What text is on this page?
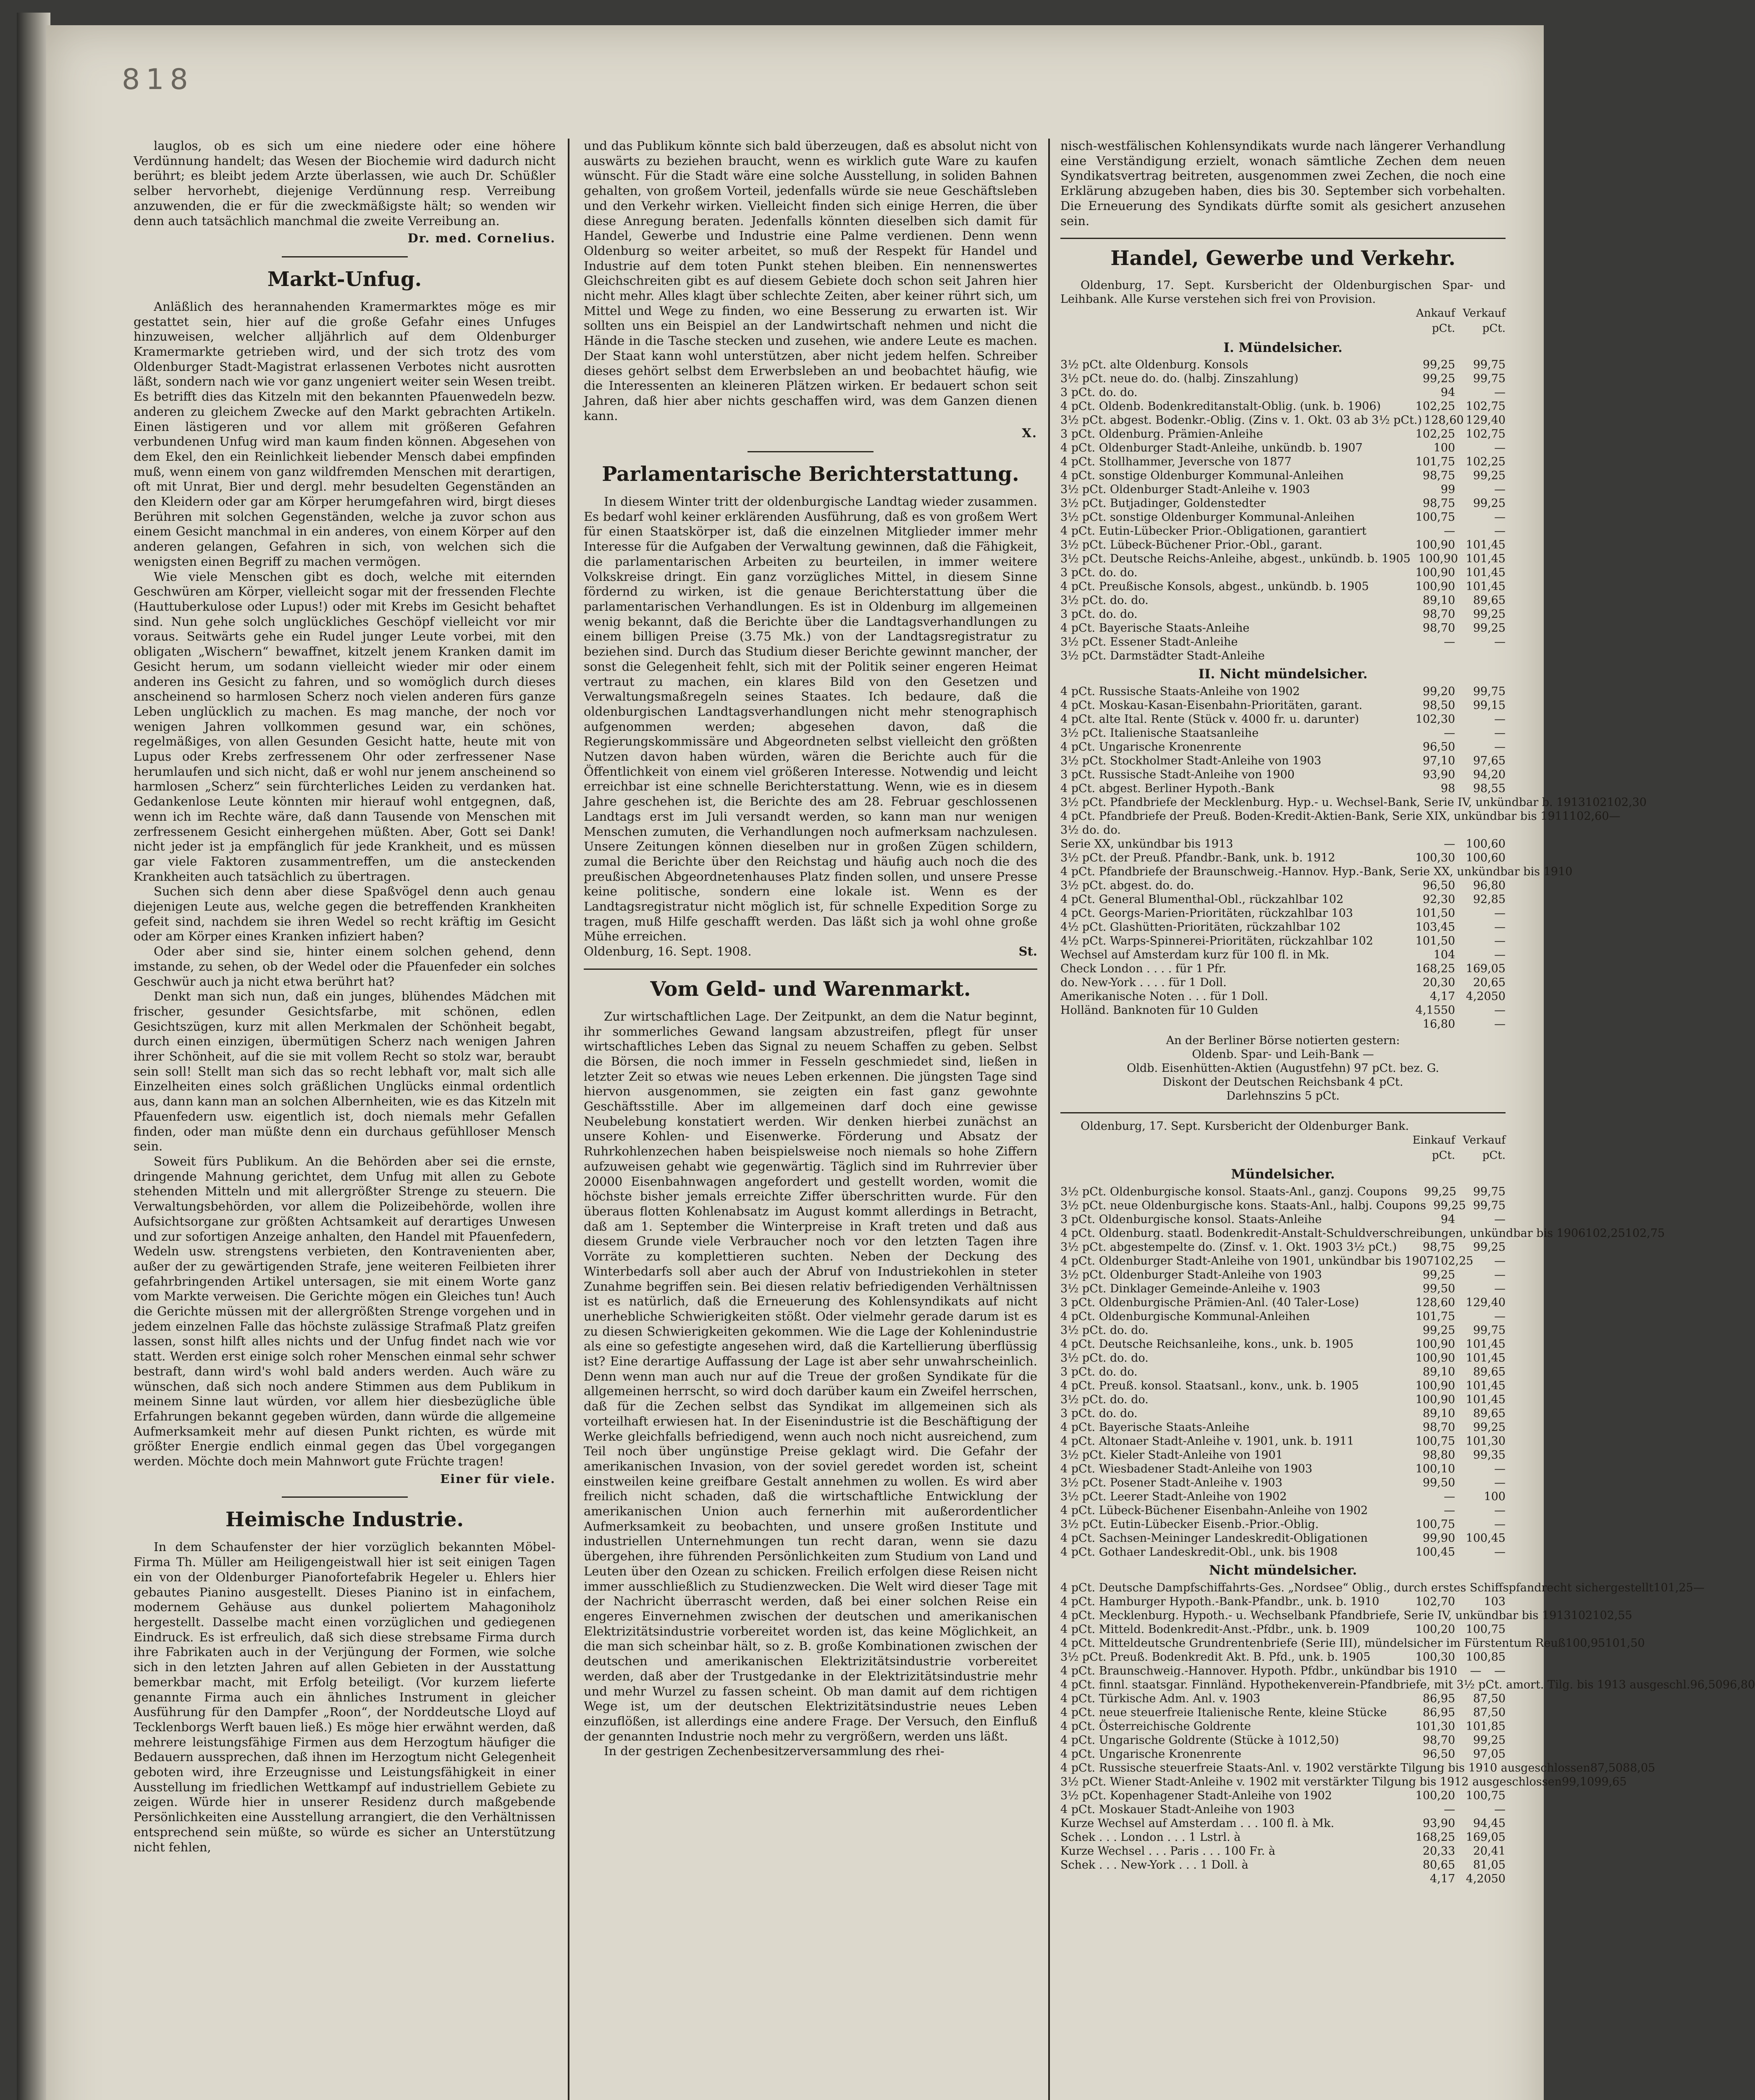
818

lauglos, ob es sich um eine niedere oder eine höhere Verdünnung handelt; das Wesen der Biochemie wird dadurch nicht berührt; es bleibt jedem Arzte überlassen, wie auch Dr. Schüßler selber hervorhebt, diejenige Verdünnung resp. Verreibung anzuwenden, die er für die zweckmäßigste hält; so wenden wir denn auch tatsächlich manchmal die zweite Verreibung an.

Dr. med. Cornelius.
Markt-Unfug.

Anläßlich des herannahenden Kramermarktes möge es mir gestattet sein, hier auf die große Gefahr eines Unfuges hinzuweisen, welcher alljährlich auf dem Oldenburger Kramermarkte getrieben wird, und der sich trotz des vom Oldenburger Stadt-Magistrat erlassenen Verbotes nicht ausrotten läßt, sondern nach wie vor ganz ungeniert weiter sein Wesen treibt. Es betrifft dies das Kitzeln mit den bekannten Pfauenwedeln bezw. anderen zu gleichem Zwecke auf den Markt gebrachten Artikeln. Einen lästigeren und vor allem mit größeren Gefahren verbundenen Unfug wird man kaum finden können. Abgesehen von dem Ekel, den ein Reinlichkeit liebender Mensch dabei empfinden muß, wenn einem von ganz wildfremden Menschen mit derartigen, oft mit Unrat, Bier und dergl. mehr besudelten Gegenständen an den Kleidern oder gar am Körper herumgefahren wird, birgt dieses Berühren mit solchen Gegenständen, welche ja zuvor schon aus einem Gesicht manchmal in ein anderes, von einem Körper auf den anderen gelangen, Gefahren in sich, von welchen sich die wenigsten einen Begriff zu machen vermögen.

Wie viele Menschen gibt es doch, welche mit eiternden Geschwüren am Körper, vielleicht sogar mit der fressenden Flechte (Hauttuberkulose oder Lupus!) oder mit Krebs im Gesicht behaftet sind. Nun gehe solch unglückliches Geschöpf vielleicht vor mir voraus. Seitwärts gehe ein Rudel junger Leute vorbei, mit den obligaten „Wischern“ bewaffnet, kitzelt jenem Kranken damit im Gesicht herum, um sodann vielleicht wieder mir oder einem anderen ins Gesicht zu fahren, und so womöglich durch dieses anscheinend so harmlosen Scherz noch vielen anderen fürs ganze Leben unglücklich zu machen. Es mag manche, der noch vor wenigen Jahren vollkommen gesund war, ein schönes, regelmäßiges, von allen Gesunden Gesicht hatte, heute mit von Lupus oder Krebs zerfressenem Ohr oder zerfressener Nase herumlaufen und sich nicht, daß er wohl nur jenem anscheinend so harmlosen „Scherz“ sein fürchterliches Leiden zu verdanken hat. Gedankenlose Leute könnten mir hierauf wohl entgegnen, daß, wenn ich im Rechte wäre, daß dann Tausende von Menschen mit zerfressenem Gesicht einhergehen müßten. Aber, Gott sei Dank! nicht jeder ist ja empfänglich für jede Krankheit, und es müssen gar viele Faktoren zusammentreffen, um die ansteckenden Krankheiten auch tatsächlich zu übertragen.

Suchen sich denn aber diese Spaßvögel denn auch genau diejenigen Leute aus, welche gegen die betreffenden Krankheiten gefeit sind, nachdem sie ihren Wedel so recht kräftig im Gesicht oder am Körper eines Kranken infiziert haben?

Oder aber sind sie, hinter einem solchen gehend, denn imstande, zu sehen, ob der Wedel oder die Pfauenfeder ein solches Geschwür auch ja nicht etwa berührt hat?

Denkt man sich nun, daß ein junges, blühendes Mädchen mit frischer, gesunder Gesichtsfarbe, mit schönen, edlen Gesichtszügen, kurz mit allen Merkmalen der Schönheit begabt, durch einen einzigen, übermütigen Scherz nach wenigen Jahren ihrer Schönheit, auf die sie mit vollem Recht so stolz war, beraubt sein soll! Stellt man sich das so recht lebhaft vor, malt sich alle Einzelheiten eines solch gräßlichen Unglücks einmal ordentlich aus, dann kann man an solchen Albernheiten, wie es das Kitzeln mit Pfauenfedern usw. eigentlich ist, doch niemals mehr Gefallen finden, oder man müßte denn ein durchaus gefühlloser Mensch sein.

Soweit fürs Publikum. An die Behörden aber sei die ernste, dringende Mahnung gerichtet, dem Unfug mit allen zu Gebote stehenden Mitteln und mit allergrößter Strenge zu steuern. Die Verwaltungsbehörden, vor allem die Polizeibehörde, wollen ihre Aufsichtsorgane zur größten Achtsamkeit auf derartiges Unwesen und zur sofortigen Anzeige anhalten, den Handel mit Pfauenfedern, Wedeln usw. strengstens verbieten, den Kontravenienten aber, außer der zu gewärtigenden Strafe, jene weiteren Feilbieten ihrer gefahrbringenden Artikel untersagen, sie mit einem Worte ganz vom Markte verweisen. Die Gerichte mögen ein Gleiches tun! Auch die Gerichte müssen mit der allergrößten Strenge vorgehen und in jedem einzelnen Falle das höchste zulässige Strafmaß Platz greifen lassen, sonst hilft alles nichts und der Unfug findet nach wie vor statt. Werden erst einige solch roher Menschen einmal sehr schwer bestraft, dann wird's wohl bald anders werden. Auch wäre zu wünschen, daß sich noch andere Stimmen aus dem Publikum in meinem Sinne laut würden, vor allem hier diesbezügliche üble Erfahrungen bekannt gegeben würden, dann würde die allgemeine Aufmerksamkeit mehr auf diesen Punkt richten, es würde mit größter Energie endlich einmal gegen das Übel vorgegangen werden. Möchte doch mein Mahnwort gute Früchte tragen!

Einer für viele.
Heimische Industrie.

In dem Schaufenster der hier vorzüglich bekannten Möbel-Firma Th. Müller am Heiligengeistwall hier ist seit einigen Tagen ein von der Oldenburger Pianofortefabrik Hegeler u. Ehlers hier gebautes Pianino ausgestellt. Dieses Pianino ist in einfachem, modernem Gehäuse aus dunkel poliertem Mahagoniholz hergestellt. Dasselbe macht einen vorzüglichen und gediegenen Eindruck. Es ist erfreulich, daß sich diese strebsame Firma durch ihre Fabrikaten auch in der Verjüngung der Formen, wie solche sich in den letzten Jahren auf allen Gebieten in der Ausstattung bemerkbar macht, mit Erfolg beteiligt. (Vor kurzem lieferte genannte Firma auch ein ähnliches Instrument in gleicher Ausführung für den Dampfer „Roon“, der Norddeutsche Lloyd auf Tecklenborgs Werft bauen ließ.) Es möge hier erwähnt werden, daß mehrere leistungsfähige Firmen aus dem Herzogtum häufiger die Bedauern aussprechen, daß ihnen im Herzogtum nicht Gelegenheit geboten wird, ihre Erzeugnisse und Leistungsfähigkeit in einer Ausstellung im friedlichen Wettkampf auf industriellem Gebiete zu zeigen. Würde hier in unserer Residenz durch maßgebende Persönlichkeiten eine Ausstellung arrangiert, die den Verhältnissen entsprechend sein müßte, so würde es sicher an Unterstützung nicht fehlen,

und das Publikum könnte sich bald überzeugen, daß es absolut nicht von auswärts zu beziehen braucht, wenn es wirklich gute Ware zu kaufen wünscht. Für die Stadt wäre eine solche Ausstellung, in soliden Bahnen gehalten, von großem Vorteil, jedenfalls würde sie neue Geschäftsleben und den Verkehr wirken. Vielleicht finden sich einige Herren, die über diese Anregung beraten. Jedenfalls könnten dieselben sich damit für Handel, Gewerbe und Industrie eine Palme verdienen. Denn wenn Oldenburg so weiter arbeitet, so muß der Respekt für Handel und Industrie auf dem toten Punkt stehen bleiben. Ein nennenswertes Gleichschreiten gibt es auf diesem Gebiete doch schon seit Jahren hier nicht mehr. Alles klagt über schlechte Zeiten, aber keiner rührt sich, um Mittel und Wege zu finden, wo eine Besserung zu erwarten ist. Wir sollten uns ein Beispiel an der Landwirtschaft nehmen und nicht die Hände in die Tasche stecken und zusehen, wie andere Leute es machen. Der Staat kann wohl unterstützen, aber nicht jedem helfen. Schreiber dieses gehört selbst dem Erwerbsleben an und beobachtet häufig, wie die Interessenten an kleineren Plätzen wirken. Er bedauert schon seit Jahren, daß hier aber nichts geschaffen wird, was dem Ganzen dienen kann.

X.
Parlamentarische Berichterstattung.

In diesem Winter tritt der oldenburgische Landtag wieder zusammen. Es bedarf wohl keiner erklärenden Ausführung, daß es von großem Wert für einen Staatskörper ist, daß die einzelnen Mitglieder immer mehr Interesse für die Aufgaben der Verwaltung gewinnen, daß die Fähigkeit, die parlamentarischen Arbeiten zu beurteilen, in immer weitere Volkskreise dringt. Ein ganz vorzügliches Mittel, in diesem Sinne fördernd zu wirken, ist die genaue Berichterstattung über die parlamentarischen Verhandlungen. Es ist in Oldenburg im allgemeinen wenig bekannt, daß die Berichte über die Landtagsverhandlungen zu einem billigen Preise (3.75 Mk.) von der Landtagsregistratur zu beziehen sind. Durch das Studium dieser Berichte gewinnt mancher, der sonst die Gelegenheit fehlt, sich mit der Politik seiner engeren Heimat vertraut zu machen, ein klares Bild von den Gesetzen und Verwaltungsmaßregeln seines Staates. Ich bedaure, daß die oldenburgischen Landtagsverhandlungen nicht mehr stenographisch aufgenommen werden; abgesehen davon, daß die Regierungskommissäre und Abgeordneten selbst vielleicht den größten Nutzen davon haben würden, wären die Berichte auch für die Öffentlichkeit von einem viel größeren Interesse. Notwendig und leicht erreichbar ist eine schnelle Berichterstattung. Wenn, wie es in diesem Jahre geschehen ist, die Berichte des am 28. Februar geschlossenen Landtags erst im Juli versandt werden, so kann man nur wenigen Menschen zumuten, die Verhandlungen noch aufmerksam nachzulesen. Unsere Zeitungen können dieselben nur in großen Zügen schildern, zumal die Berichte über den Reichstag und häufig auch noch die des preußischen Abgeordnetenhauses Platz finden sollen, und unsere Presse keine politische, sondern eine lokale ist. Wenn es der Landtagsregistratur nicht möglich ist, für schnelle Expedition Sorge zu tragen, muß Hilfe geschafft werden. Das läßt sich ja wohl ohne große Mühe erreichen.

Oldenburg, 16. Sept. 1908.	St.
Vom Geld- und Warenmarkt.

Zur wirtschaftlichen Lage. Der Zeitpunkt, an dem die Natur beginnt, ihr sommerliches Gewand langsam abzustreifen, pflegt für unser wirtschaftliches Leben das Signal zu neuem Schaffen zu geben. Selbst die Börsen, die noch immer in Fesseln geschmiedet sind, ließen in letzter Zeit so etwas wie neues Leben erkennen. Die jüngsten Tage sind hiervon ausgenommen, sie zeigten ein fast ganz gewohnte Geschäftsstille. Aber im allgemeinen darf doch eine gewisse Neubelebung konstatiert werden. Wir denken hierbei zunächst an unsere Kohlen- und Eisenwerke. Förderung und Absatz der Ruhrkohlenzechen haben beispielsweise noch niemals so hohe Ziffern aufzuweisen gehabt wie gegenwärtig. Täglich sind im Ruhrrevier über 20000 Eisenbahnwagen angefordert und gestellt worden, womit die höchste bisher jemals erreichte Ziffer überschritten wurde. Für den überaus flotten Kohlenabsatz im August kommt allerdings in Betracht, daß am 1. September die Winterpreise in Kraft treten und daß aus diesem Grunde viele Verbraucher noch vor den letzten Tagen ihre Vorräte zu komplettieren suchten. Neben der Deckung des Winterbedarfs soll aber auch der Abruf von Industriekohlen in steter Zunahme begriffen sein. Bei diesen relativ befriedigenden Verhältnissen ist es natürlich, daß die Erneuerung des Kohlensyndikats auf nicht unerhebliche Schwierigkeiten stößt. Oder vielmehr gerade darum ist es zu diesen Schwierigkeiten gekommen. Wie die Lage der Kohlenindustrie als eine so gefestigte angesehen wird, daß die Kartellierung überflüssig ist? Eine derartige Auffassung der Lage ist aber sehr unwahrscheinlich. Denn wenn man auch nur auf die Treue der großen Syndikate für die allgemeinen herrscht, so wird doch darüber kaum ein Zweifel herrschen, daß für die Zechen selbst das Syndikat im allgemeinen sich als vorteilhaft erwiesen hat. In der Eisenindustrie ist die Beschäftigung der Werke gleichfalls befriedigend, wenn auch noch nicht ausreichend, zum Teil noch über ungünstige Preise geklagt wird. Die Gefahr der amerikanischen Invasion, von der soviel geredet worden ist, scheint einstweilen keine greifbare Gestalt annehmen zu wollen. Es wird aber freilich nicht schaden, daß die wirtschaftliche Entwicklung der amerikanischen Union auch fernerhin mit außerordentlicher Aufmerksamkeit zu beobachten, und unsere großen Institute und industriellen Unternehmungen tun recht daran, wenn sie dazu übergehen, ihre führenden Persönlichkeiten zum Studium von Land und Leuten über den Ozean zu schicken. Freilich erfolgen diese Reisen nicht immer ausschließlich zu Studienzwecken. Die Welt wird dieser Tage mit der Nachricht überrascht werden, daß bei einer solchen Reise ein engeres Einvernehmen zwischen der deutschen und amerikanischen Elektrizitätsindustrie vorbereitet worden ist, das keine Möglichkeit, an die man sich scheinbar hält, so z. B. große Kombinationen zwischen der deutschen und amerikanischen Elektrizitätsindustrie vorbereitet werden, daß aber der Trustgedanke in der Elektrizitätsindustrie mehr und mehr Wurzel zu fassen scheint. Ob man damit auf dem richtigen Wege ist, um der deutschen Elektrizitätsindustrie neues Leben einzuflößen, ist allerdings eine andere Frage. Der Versuch, den Einfluß der genannten Industrie noch mehr zu vergrößern, werden uns läßt.

In der gestrigen Zechenbesitzerversammlung des rhei-

nisch-westfälischen Kohlensyndikats wurde nach längerer Verhandlung eine Verständigung erzielt, wonach sämtliche Zechen dem neuen Syndikatsvertrag beitreten, ausgenommen zwei Zechen, die noch eine Erklärung abzugeben haben, dies bis 30. September sich vorbehalten. Die Erneuerung des Syndikats dürfte somit als gesichert anzusehen sein.

Handel, Gewerbe und Verkehr.

Oldenburg, 17. Sept. Kursbericht der Oldenburgischen Spar- und Leihbank. Alle Kurse verstehen sich frei von Provision.

Ankauf Verkauf
pCt.	pCt.
I. Mündelsicher.
3½ pCt. alte Oldenburg. Konsols	99,25	99,75
3½ pCt. neue do. do. (halbj. Zinszahlung)	99,25	99,75
3 pCt. do. do.	94	—
4 pCt. Oldenb. Bodenkreditanstalt-Oblig. (unk. b. 1906)	102,25 102,75
3½ pCt. abgest. Bodenkr.-Oblig. (Zins v. 1. Okt. 03 ab 3½ pCt.) 128,60 129,40
3 pCt. Oldenburg. Prämien-Anleihe	102,25 102,75
4 pCt. Oldenburger Stadt-Anleihe, unkündb. b. 1907	100	—
4 pCt. Stollhammer, Jeversche von 1877	101,75 102,25
4 pCt. sonstige Oldenburger Kommunal-Anleihen	98,75	99,25
3½ pCt. Oldenburger Stadt-Anleihe v. 1903	99	—
3½ pCt. Butjadinger, Goldenstedter	98,75	99,25
3½ pCt. sonstige Oldenburger Kommunal-Anleihen	100,75	—
4 pCt. Eutin-Lübecker Prior.-Obligationen, garantiert	—	—
3½ pCt. Lübeck-Büchener Prior.-Obl., garant.	100,90 101,45
3½ pCt. Deutsche Reichs-Anleihe, abgest., unkündb. b. 1905 100,90 101,45
3 pCt. do. do.	100,90 101,45
4 pCt. Preußische Konsols, abgest., unkündb. b. 1905	100,90 101,45
3½ pCt. do. do.	89,10	89,65
3 pCt. do. do.	98,70	99,25
4 pCt. Bayerische Staats-Anleihe	98,70	99,25
3½ pCt. Essener Stadt-Anleihe	—	—
3½ pCt. Darmstädter Stadt-Anleihe
II. Nicht mündelsicher.
4 pCt. Russische Staats-Anleihe von 1902	99,20	99,75
4 pCt. Moskau-Kasan-Eisenbahn-Prioritäten, garant.	98,50	99,15
4 pCt. alte Ital. Rente (Stück v. 4000 fr. u. darunter)	102,30	—
3½ pCt. Italienische Staatsanleihe	—	—
4 pCt. Ungarische Kronenrente	96,50	—
3½ pCt. Stockholmer Stadt-Anleihe von 1903	97,10	97,65
3 pCt. Russische Stadt-Anleihe von 1900	93,90	94,20
4 pCt. abgest. Berliner Hypoth.-Bank	98	98,55
3½ pCt. Pfandbriefe der Mecklenburg. Hyp.- u. Wechsel-Bank, Serie IV, unkündbar b. 1913 102 102,30
4 pCt. Pfandbriefe der Preuß. Boden-Kredit-Aktien-Bank, Serie XIX, unkündbar bis 1911 102,60 —
3½ do. do.
Serie XX, unkündbar bis 1913	— 100,60
3½ pCt. der Preuß. Pfandbr.-Bank, unk. b. 1912	100,30 100,60
4 pCt. Pfandbriefe der Braunschweig.-Hannov. Hyp.-Bank, Serie XX, unkündbar bis 1910
3½ pCt. abgest. do. do.	96,50	96,80
4 pCt. General Blumenthal-Obl., rückzahlbar 102	92,30	92,85
4 pCt. Georgs-Marien-Prioritäten, rückzahlbar 103	101,50	—
4½ pCt. Glashütten-Prioritäten, rückzahlbar 102	103,45	—
4½ pCt. Warps-Spinnerei-Prioritäten, rückzahlbar 102	101,50	—
Wechsel auf Amsterdam kurz für 100 fl. in Mk.	104	—
Check London . . . . für 1 Pfr.	168,25 169,05
do. New-York . . . . für 1 Doll.	20,30	20,65
Amerikanische Noten . . . für 1 Doll.	4,17 4,2050
Holländ. Banknoten für 10 Gulden	4,1550	—
16,80	—
An der Berliner Börse notierten gestern:
Oldenb. Spar- und Leih-Bank —
Oldb. Eisenhütten-Aktien (Augustfehn) 97 pCt. bez. G.
Diskont der Deutschen Reichsbank 4 pCt.
Darlehnszins 5 pCt.

Oldenburg, 17. Sept. Kursbericht der Oldenburger Bank.

Einkauf Verkauf
pCt.	pCt.
Mündelsicher.
3½ pCt. Oldenburgische konsol. Staats-Anl., ganzj. Coupons	99,25	99,75
3½ pCt. neue Oldenburgische kons. Staats-Anl., halbj. Coupons 99,25 99,75
3 pCt. Oldenburgische konsol. Staats-Anleihe	94	—
4 pCt. Oldenburg. staatl. Bodenkredit-Anstalt-Schuldverschreibungen, unkündbar bis 1906 102,25 102,75
3½ pCt. abgestempelte do. (Zinsf. v. 1. Okt. 1903 3½ pCt.)	98,75	99,25
4 pCt. Oldenburger Stadt-Anleihe von 1901, unkündbar bis 1907 102,25	—
3½ pCt. Oldenburger Stadt-Anleihe von 1903	99,25	—
3½ pCt. Dinklager Gemeinde-Anleihe v. 1903	99,50	—
3 pCt. Oldenburgische Prämien-Anl. (40 Taler-Lose)	128,60 129,40
4 pCt. Oldenburgische Kommunal-Anleihen	101,75	—
3½ pCt. do. do.	99,25	99,75
4 pCt. Deutsche Reichsanleihe, kons., unk. b. 1905	100,90 101,45
3½ pCt. do. do.	100,90 101,45
3 pCt. do. do.	89,10	89,65
4 pCt. Preuß. konsol. Staatsanl., konv., unk. b. 1905	100,90 101,45
3½ pCt. do. do.	100,90 101,45
3 pCt. do. do.	89,10	89,65
4 pCt. Bayerische Staats-Anleihe	98,70	99,25
4 pCt. Altonaer Stadt-Anleihe v. 1901, unk. b. 1911	100,75 101,30
3½ pCt. Kieler Stadt-Anleihe von 1901	98,80	99,35
4 pCt. Wiesbadener Stadt-Anleihe von 1903	100,10	—
3½ pCt. Posener Stadt-Anleihe v. 1903	99,50	—
3½ pCt. Leerer Stadt-Anleihe von 1902	—	100
4 pCt. Lübeck-Büchener Eisenbahn-Anleihe von 1902	—	—
3½ pCt. Eutin-Lübecker Eisenb.-Prior.-Oblig.	100,75	—
4 pCt. Sachsen-Meininger Landeskredit-Obligationen	99,90 100,45
4 pCt. Gothaer Landeskredit-Obl., unk. bis 1908	100,45	—
Nicht mündelsicher.
4 pCt. Deutsche Dampfschiffahrts-Ges. „Nordsee“ Oblig., durch erstes Schiffspfandrecht sichergestellt 101,25 —
4 pCt. Hamburger Hypoth.-Bank-Pfandbr., unk. b. 1910	102,70	103
4 pCt. Mecklenburg. Hypoth.- u. Wechselbank Pfandbriefe, Serie IV, unkündbar bis 1913 102 102,55
4 pCt. Mitteld. Bodenkredit-Anst.-Pfdbr., unk. b. 1909	100,20 100,75
4 pCt. Mitteldeutsche Grundrentenbriefe (Serie III), mündelsicher im Fürstentum Reuß 100,95 101,50
3½ pCt. Preuß. Bodenkredit Akt. B. Pfd., unk. b. 1905	100,30 100,85
4 pCt. Braunschweig.-Hannover. Hypoth. Pfdbr., unkündbar bis 1910	—	—
4 pCt. finnl. staatsgar. Finnländ. Hypothekenverein-Pfandbriefe, mit 3½ pCt. amort. Tilg. bis 1913 ausgeschl. 96,50 96,80
4 pCt. Türkische Adm. Anl. v. 1903	86,95	87,50
4 pCt. neue steuerfreie Italienische Rente, kleine Stücke	86,95	87,50
4 pCt. Österreichische Goldrente	101,30 101,85
4 pCt. Ungarische Goldrente (Stücke à 1012,50)	98,70	99,25
4 pCt. Ungarische Kronenrente	96,50	97,05
4 pCt. Russische steuerfreie Staats-Anl. v. 1902 verstärkte Tilgung bis 1910 ausgeschlossen 87,50 88,05
3½ pCt. Wiener Stadt-Anleihe v. 1902 mit verstärkter Tilgung bis 1912 ausgeschlossen 99,10 99,65
3½ pCt. Kopenhagener Stadt-Anleihe von 1902	100,20 100,75
4 pCt. Moskauer Stadt-Anleihe von 1903	—	—
Kurze Wechsel auf Amsterdam . . . 100 fl. à Mk.	93,90	94,45
Schek . . . London . . . 1 Lstrl. à	168,25 169,05
Kurze Wechsel . . . Paris . . . 100 Fr. à	20,33	20,41
Schek . . . New-York . . . 1 Doll. à	80,65	81,05
4,17 4,2050
